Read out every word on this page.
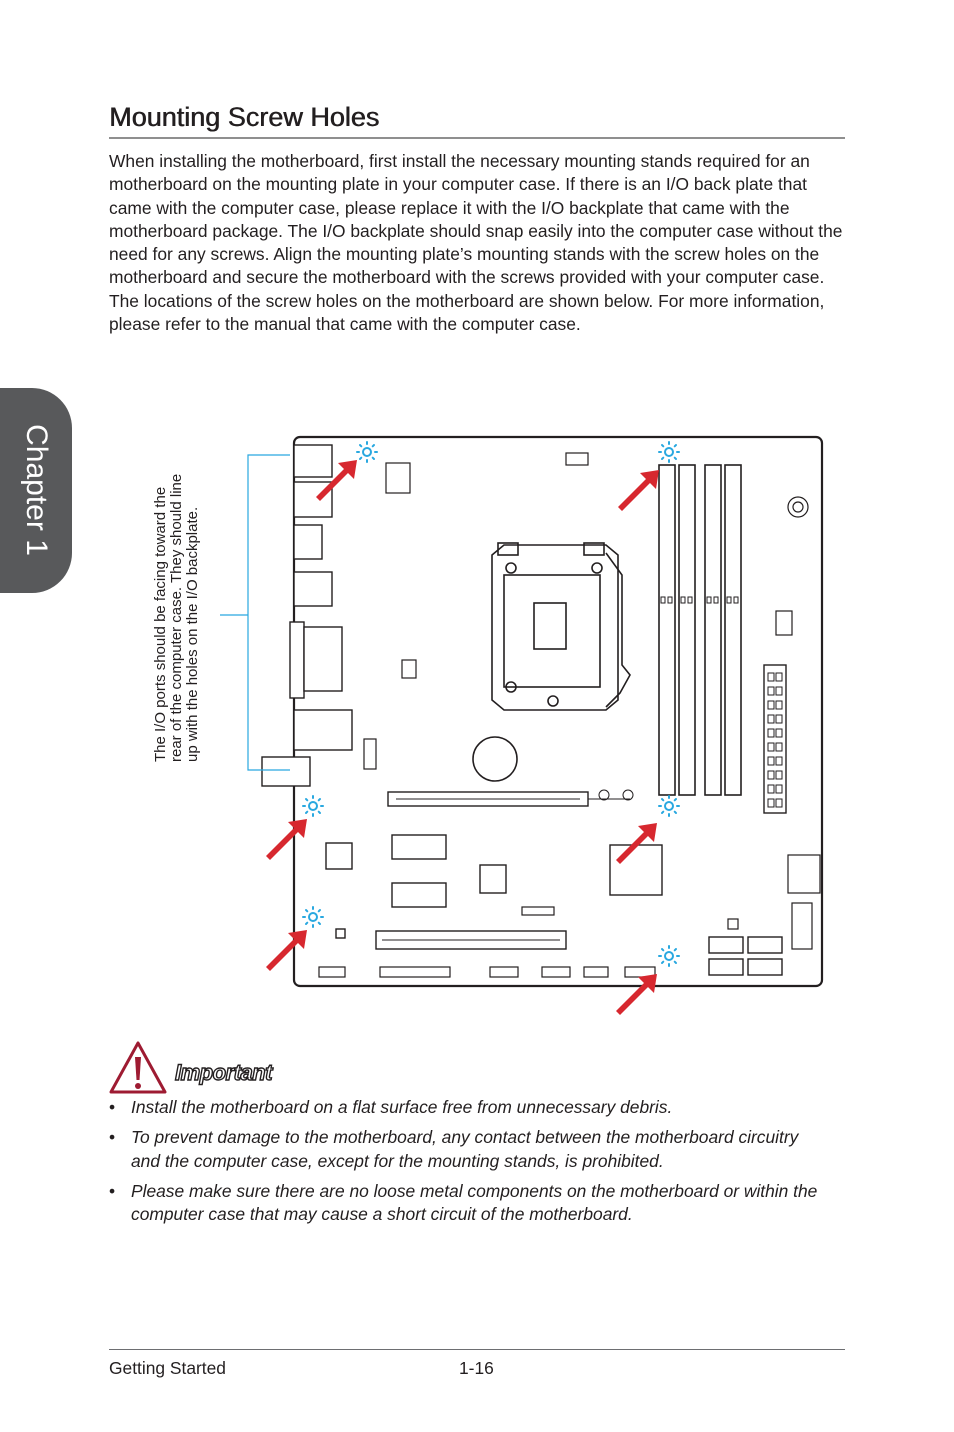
Chapter 1
Mounting Screw Holes

When installing the motherboard, first install the necessary mounting stands required for an motherboard on the mounting plate in your computer case. If there is an I/O back plate that came with the computer case, please replace it with the I/O backplate that came with the motherboard package. The I/O backplate should snap easily into the computer case without the need for any screws. Align the mounting plate’s mounting stands with the screw holes on the motherboard and secure the motherboard with the screws provided with your computer case. The locations of the screw holes on the motherboard are shown below. For more information, please refer to the manual that came with the computer case.

The I/O ports should be facing toward the rear of the computer case. They should line up with the holes on the I/O backplate.

Important
• Install the motherboard on a flat surface free from unnecessary debris.
• To prevent damage to the motherboard, any contact between the motherboard circuitry and the computer case, except for the mounting stands, is prohibited.
• Please make sure there are no loose metal components on the motherboard or within the computer case that may cause a short circuit of the motherboard.
Getting Started	1-16
